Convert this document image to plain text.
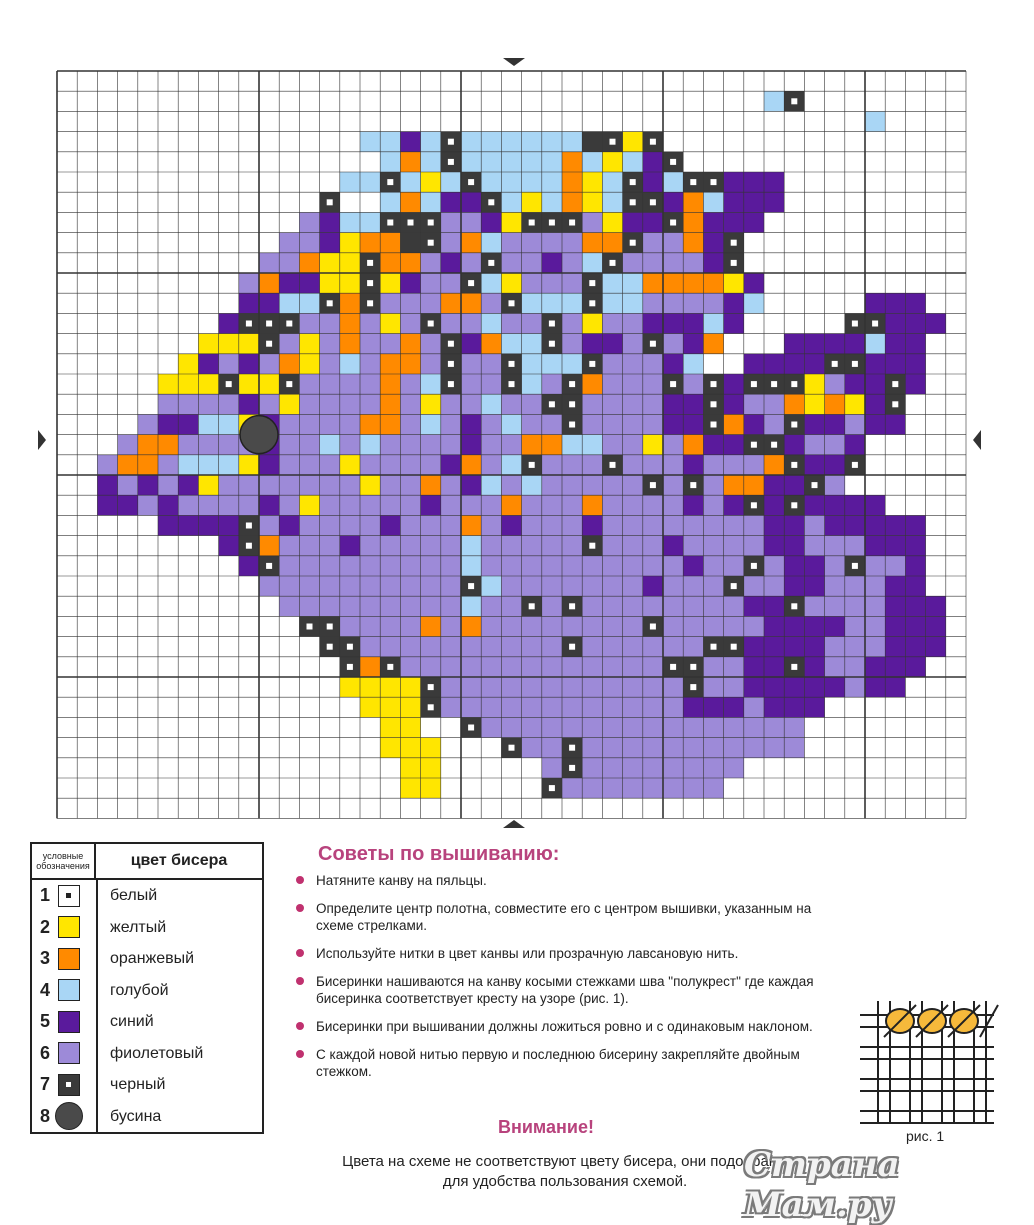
условные обозначения	цвет бисера
1
2
3
4
5
6
7
8
белый
желтый
оранжевый
голубой
синий
фиолетовый
черный
бусина
Советы по вышиванию:
Натяните канву на пяльцы.
Определите центр полотна, совместите его с центром вышивки, указанным на схеме стрелками.
Используйте нитки в цвет канвы или прозрачную лавсановую нить.
Бисеринки нашиваются на канву косыми стежками шва "полукрест" где каждая бисеринка соответствует кресту на узоре (рис. 1).
Бисеринки при вышивании должны ложиться ровно и с одинаковым наклоном.
С каждой новой нитью первую и последнюю бисерину закрепляйте двойным стежком.
рис. 1
Внимание!
Цвета на схеме не соответствуют цвету бисера, они подобраны для удобства пользования схемой.	Страна Мам.ру
